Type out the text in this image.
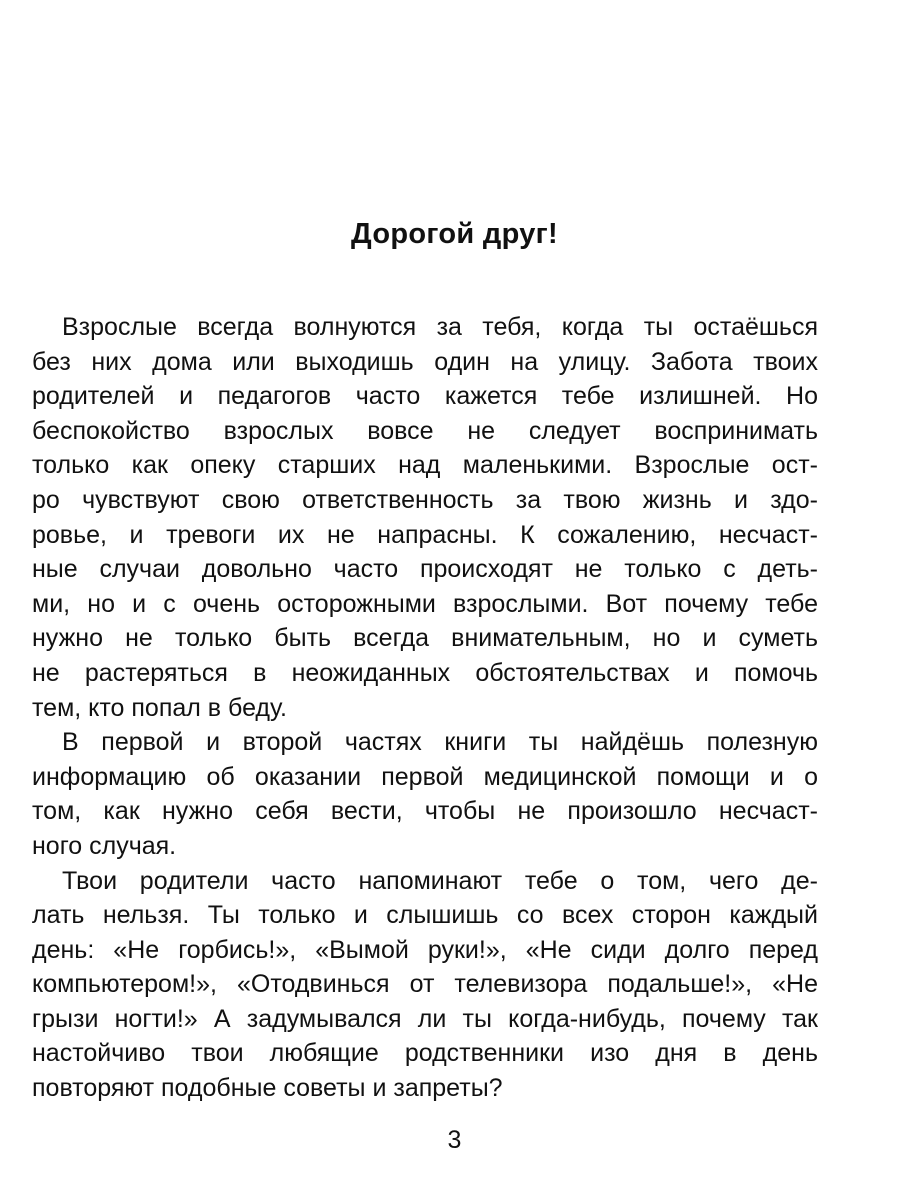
Дорогой друг!
Взрослые всегда волнуются за тебя, когда ты остаёшься
без них дома или выходишь один на улицу. Забота твоих
родителей и педагогов часто кажется тебе излишней. Но
беспокойство взрослых вовсе не следует воспринимать
только как опеку старших над маленькими. Взрослые ост-
ро чувствуют свою ответственность за твою жизнь и здо-
ровье, и тревоги их не напрасны. К сожалению, несчаст-
ные случаи довольно часто происходят не только с деть-
ми, но и с очень осторожными взрослыми. Вот почему тебе
нужно не только быть всегда внимательным, но и суметь
не растеряться в неожиданных обстоятельствах и помочь
тем, кто попал в беду.
В первой и второй частях книги ты найдёшь полезную
информацию об оказании первой медицинской помощи и о
том, как нужно себя вести, чтобы не произошло несчаст-
ного случая.
Твои родители часто напоминают тебе о том, чего де-
лать нельзя. Ты только и слышишь со всех сторон каждый
день: «Не горбись!», «Вымой руки!», «Не сиди долго перед
компьютером!», «Отодвинься от телевизора подальше!», «Не
грызи ногти!» А задумывался ли ты когда-нибудь, почему так
настойчиво твои любящие родственники изо дня в день
повторяют подобные советы и запреты?
3
